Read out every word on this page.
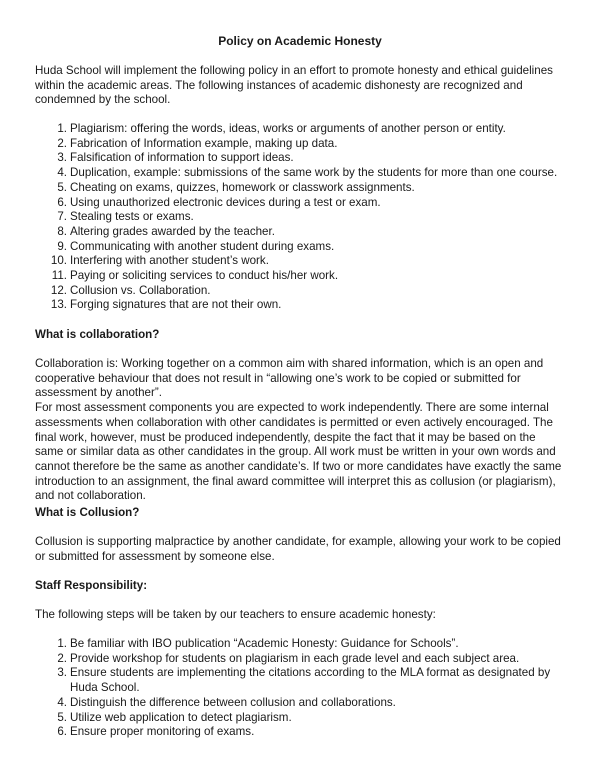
Policy on Academic Honesty

Huda School will implement the following policy in an effort to promote honesty and ethical guidelines within the academic areas. The following instances of academic dishonesty are recognized and condemned by the school.

1. Plagiarism: offering the words, ideas, works or arguments of another person or entity.
2. Fabrication of Information example, making up data.
3. Falsification of information to support ideas.
4. Duplication, example: submissions of the same work by the students for more than one course.
5. Cheating on exams, quizzes, homework or classwork assignments.
6. Using unauthorized electronic devices during a test or exam.
7. Stealing tests or exams.
8. Altering grades awarded by the teacher.
9. Communicating with another student during exams.
10. Interfering with another student’s work.
11. Paying or soliciting services to conduct his/her work.
12. Collusion vs. Collaboration.
13. Forging signatures that are not their own.
What is collaboration?

Collaboration is: Working together on a common aim with shared information, which is an open and cooperative behaviour that does not result in “allowing one’s work to be copied or submitted for assessment by another”.

For most assessment components you are expected to work independently. There are some internal assessments when collaboration with other candidates is permitted or even actively encouraged. The final work, however, must be produced independently, despite the fact that it may be based on the same or similar data as other candidates in the group. All work must be written in your own words and cannot therefore be the same as another candidate’s. If two or more candidates have exactly the same introduction to an assignment, the final award committee will interpret this as collusion (or plagiarism), and not collaboration.

What is Collusion?

Collusion is supporting malpractice by another candidate, for example, allowing your work to be copied or submitted for assessment by someone else.

Staff Responsibility:

The following steps will be taken by our teachers to ensure academic honesty:

1. Be familiar with IBO publication “Academic Honesty: Guidance for Schools”.
2. Provide workshop for students on plagiarism in each grade level and each subject area.
3. Ensure students are implementing the citations according to the MLA format as designated by Huda School.
4. Distinguish the difference between collusion and collaborations.
5. Utilize web application to detect plagiarism.
6. Ensure proper monitoring of exams.
